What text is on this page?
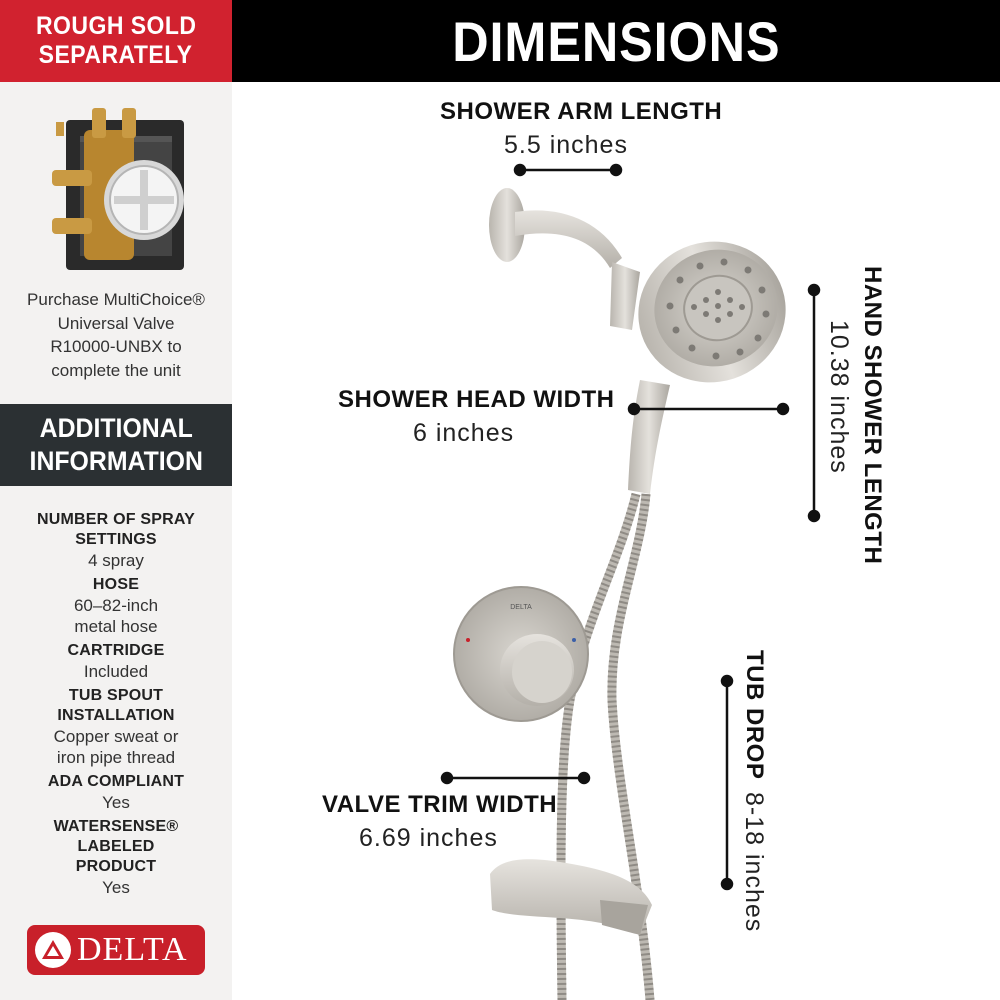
ROUGH SOLD
SEPARATELY
Purchase MultiChoice®
Universal Valve
R10000-UNBX to
complete the unit
ADDITIONAL
INFORMATION
NUMBER OF SPRAY SETTINGS
4 spray
HOSE
60–82-inch metal hose
CARTRIDGE
Included
TUB SPOUT INSTALLATION
Copper sweat or iron pipe thread
ADA COMPLIANT
Yes
WATERSENSE® LABELED PRODUCT
Yes
DELTA
DIMENSIONS
DELTA
SHOWER ARM LENGTH
5.5 inches
SHOWER HEAD WIDTH
6 inches
VALVE TRIM WIDTH
6.69 inches
HAND SHOWER LENGTH
10.38 inches
TUB DROP 8-18 inches
